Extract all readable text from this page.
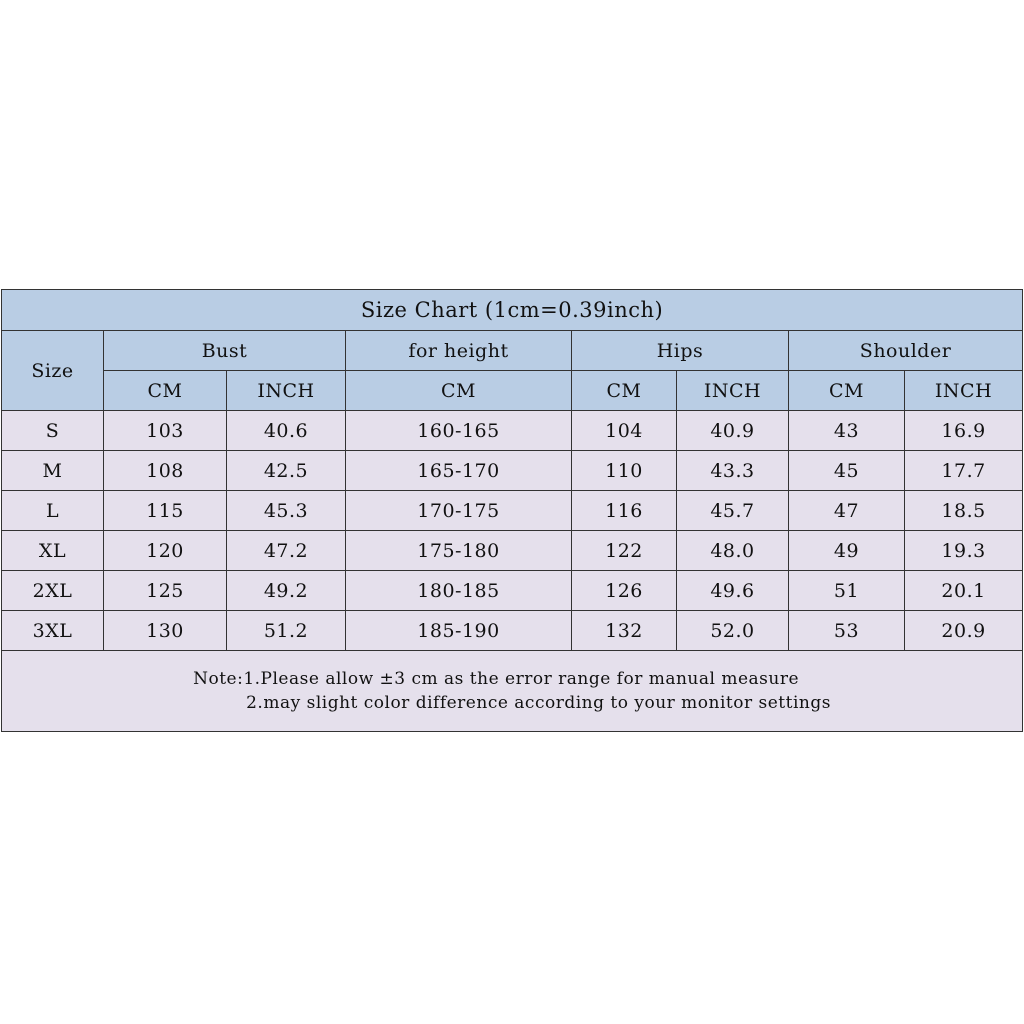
Size Chart (1cm=0.39inch)							
Size	Bust		for height	Hips		Shoulder	
	CM	INCH	CM	CM	INCH	CM	INCH
S	103	40.6	160-165	104	40.9	43	16.9
M	108	42.5	165-170	110	43.3	45	17.7
L	115	45.3	170-175	116	45.7	47	18.5
XL	120	47.2	175-180	122	48.0	49	19.3
2XL	125	49.2	180-185	126	49.6	51	20.1
3XL	130	51.2	185-190	132	52.0	53	20.9

Note:1.Please allow ±3 cm as the error range for manual measure
2.may slight color difference according to your monitor settings							
